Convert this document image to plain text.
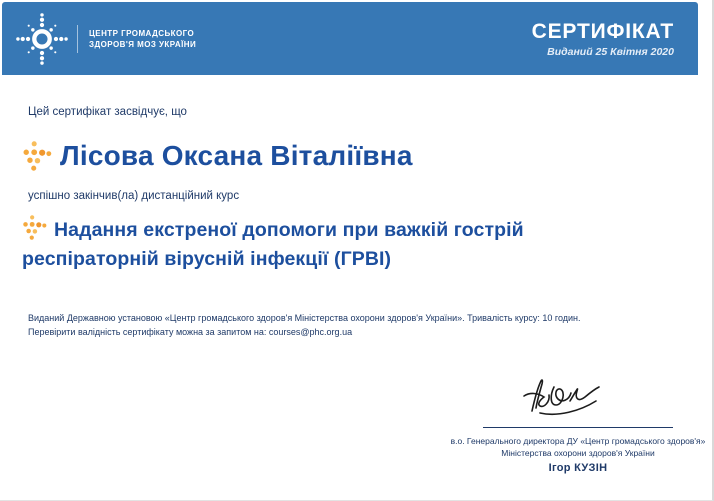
ЦЕНТР ГРОМАДСЬКОГО
ЗДОРОВ'Я МОЗ УКРАЇНИ
СЕРТИФІКАТ
Виданий 25 Квітня 2020
Цей сертифікат засвідчує, що
Лісова Оксана Віталіївна
успішно закінчив(ла) дистанційний курс
Надання екстреної допомоги при важкій гострій респіраторній вірусній інфекції (ГРВІ)
Виданий Державною установою «Центр громадського здоров'я Міністерства охорони здоров'я України». Тривалість курсу: 10 годин.
Перевірити валідність сертифікату можна за запитом на: courses@phc.org.ua
в.о. Генерального директора ДУ «Центр громадського здоров'я» Міністерства охорони здоров'я України
Ігор КУЗІН
